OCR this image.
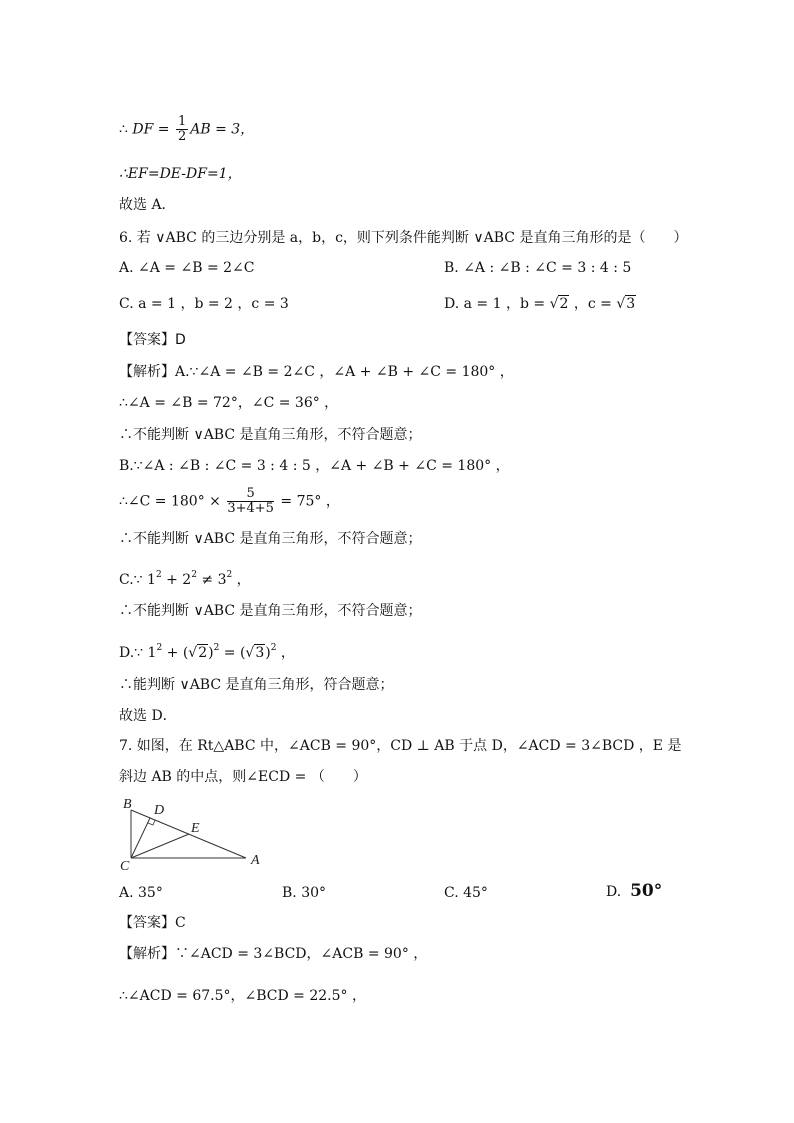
∴ DF = $\frac{1}{2}$ AB = 3，
∴EF=DE-DF=1，
故选 A．
6. 若 ∨ABC 的三边分别是 a，b，c，则下列条件能判断 ∨ABC 是直角三角形的是（　　）
A. ∠A = ∠B = 2∠C	B. ∠A : ∠B : ∠C = 3 : 4 : 5
C. a = 1 ，b = 2 ，c = 3	D. a = 1 ，b = √2 ，c = √3
【答案】D
【解析】A.∵∠A = ∠B = 2∠C ，∠A + ∠B + ∠C = 180° ，
∴∠A = ∠B = 72°，∠C = 36° ，
∴不能判断 ∨ABC 是直角三角形，不符合题意；
B.∵∠A : ∠B : ∠C = 3 : 4 : 5 ，∠A + ∠B + ∠C = 180° ，
∴∠C = $180^\circ \times \frac{5}{3+4+5} = 75^\circ$ ，
∴不能判断 ∨ABC 是直角三角形，不符合题意；
C.∵ $1^2 + 2^2 \ne 3^2$ ，
∴不能判断 ∨ABC 是直角三角形，不符合题意；
D.∵ $1^2 + (√2)^2 = (√3)^2$ ，
∴能判断 ∨ABC 是直角三角形，符合题意；
故选 D．
7. 如图，在 Rt△ABC 中，∠ACB = 90°，CD ⊥ AB 于点 D，∠ACD = 3∠BCD ，E 是
斜边 AB 的中点，则∠ECD = （　　）
B D
E
C	A
A. 35°	B. 30°	C. 45°	D. 50°
【答案】C
【解析】∵∠ACD = 3∠BCD，∠ACB = 90° ，
∴∠ACD = 67.5°，∠BCD = 22.5° ，
